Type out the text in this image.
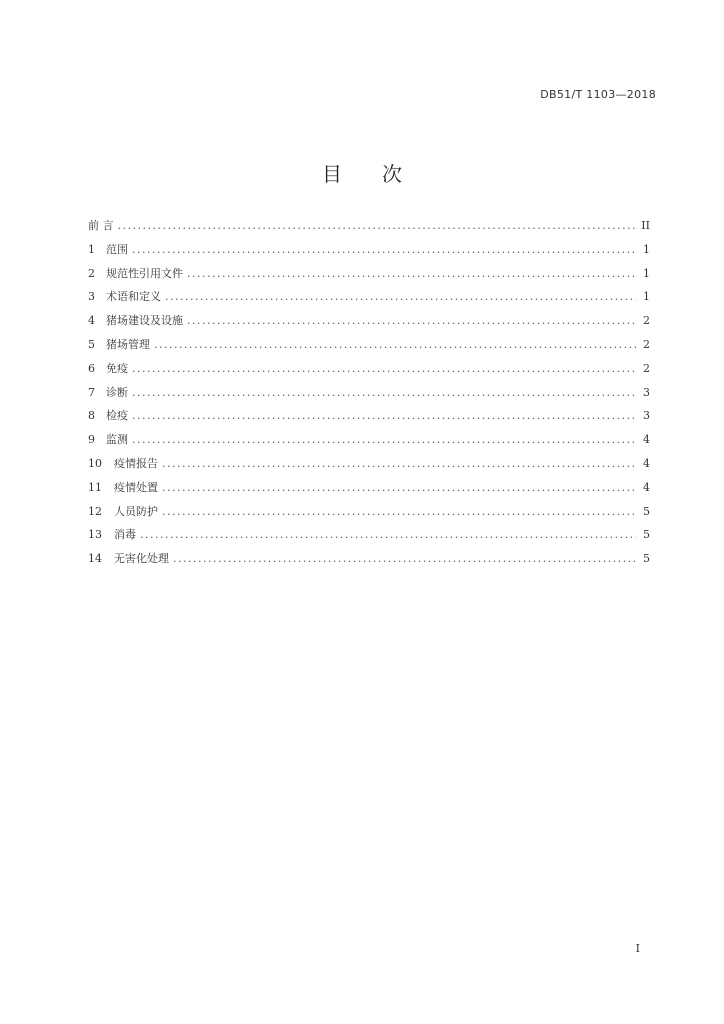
DB51/T 1103—2018
目 次
前 言 .....	II
1	范围 .....	1
2	规范性引用文件 .....	1
3	术语和定义 .....	1
4	猪场建设及设施 .....	2
5	猪场管理 .....	2
6	免疫 .....	2
7	诊断 .....	3
8	检疫 .....	3
9	监测 .....	4
10	疫情报告 .....	4
11	疫情处置 .....	4
12	人员防护 .....	5
13	消毒 .....	5
14	无害化处理 .....	5
I
